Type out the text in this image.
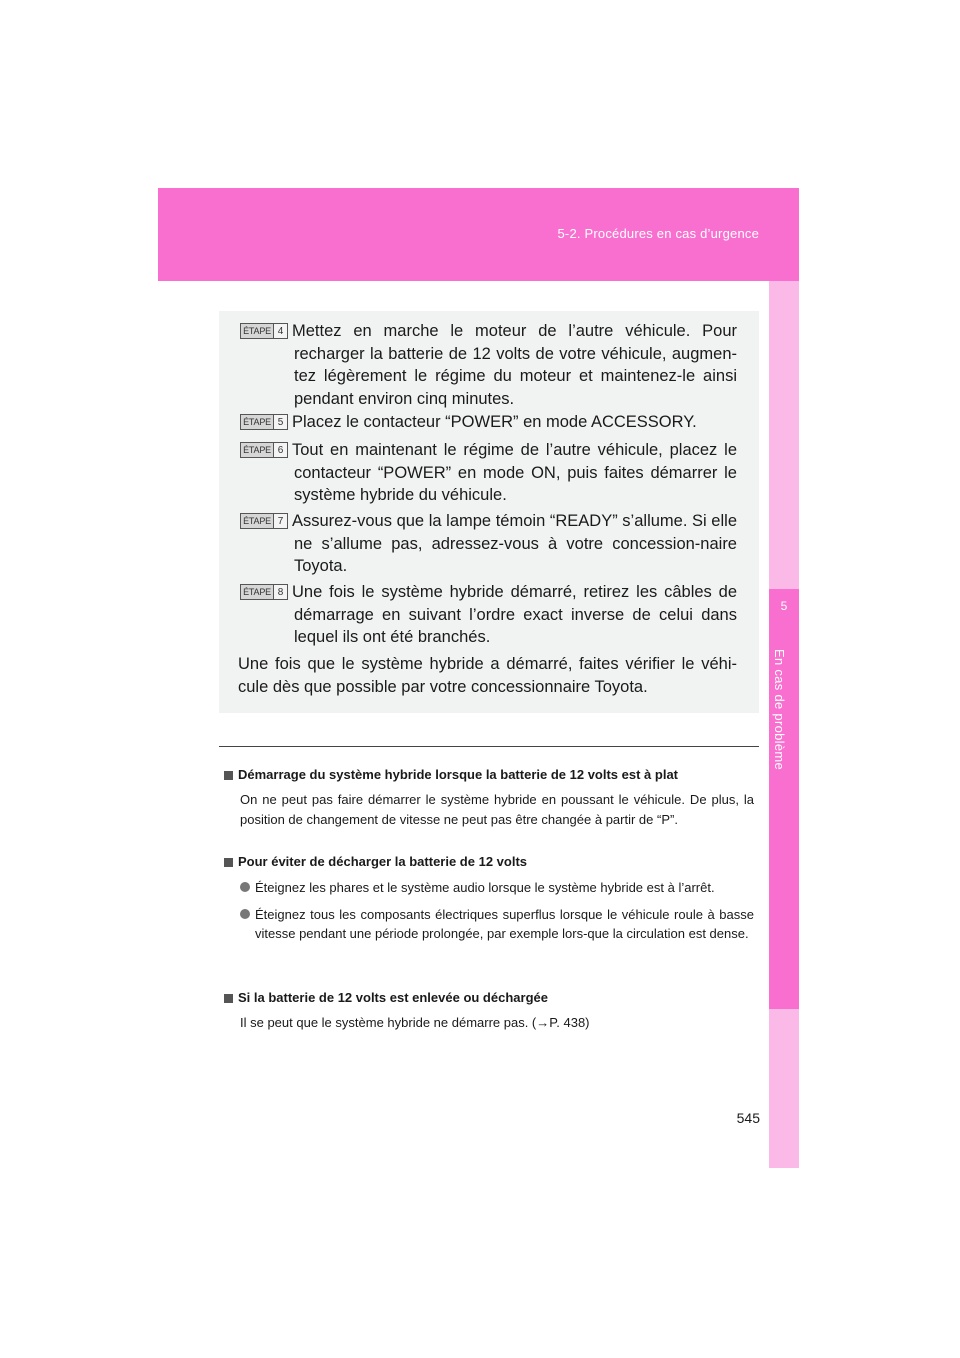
5-2. Procédures en cas d’urgence
5
En cas de problème
ÉTAPE 4 Mettez en marche le moteur de l’autre véhicule. Pour recharger la batterie de 12 volts de votre véhicule, augmen-tez légèrement le régime du moteur et maintenez-le ainsi pendant environ cinq minutes.
ÉTAPE 5 Placez le contacteur “POWER” en mode ACCESSORY.
ÉTAPE 6 Tout en maintenant le régime de l’autre véhicule, placez le contacteur “POWER” en mode ON, puis faites démarrer le système hybride du véhicule.
ÉTAPE 7 Assurez-vous que la lampe témoin “READY” s’allume. Si elle ne s’allume pas, adressez-vous à votre concession-naire Toyota.
ÉTAPE 8 Une fois le système hybride démarré, retirez les câbles de démarrage en suivant l’ordre exact inverse de celui dans lequel ils ont été branchés.
Une fois que le système hybride a démarré, faites vérifier le véhi-cule dès que possible par votre concessionnaire Toyota.
Démarrage du système hybride lorsque la batterie de 12 volts est à plat
On ne peut pas faire démarrer le système hybride en poussant le véhicule. De plus, la position de changement de vitesse ne peut pas être changée à partir de “P”.
Pour éviter de décharger la batterie de 12 volts
Éteignez les phares et le système audio lorsque le système hybride est à l’arrêt.
Éteignez tous les composants électriques superflus lorsque le véhicule roule à basse vitesse pendant une période prolongée, par exemple lors-que la circulation est dense.
Si la batterie de 12 volts est enlevée ou déchargée
Il se peut que le système hybride ne démarre pas. (→P. 438)
545
